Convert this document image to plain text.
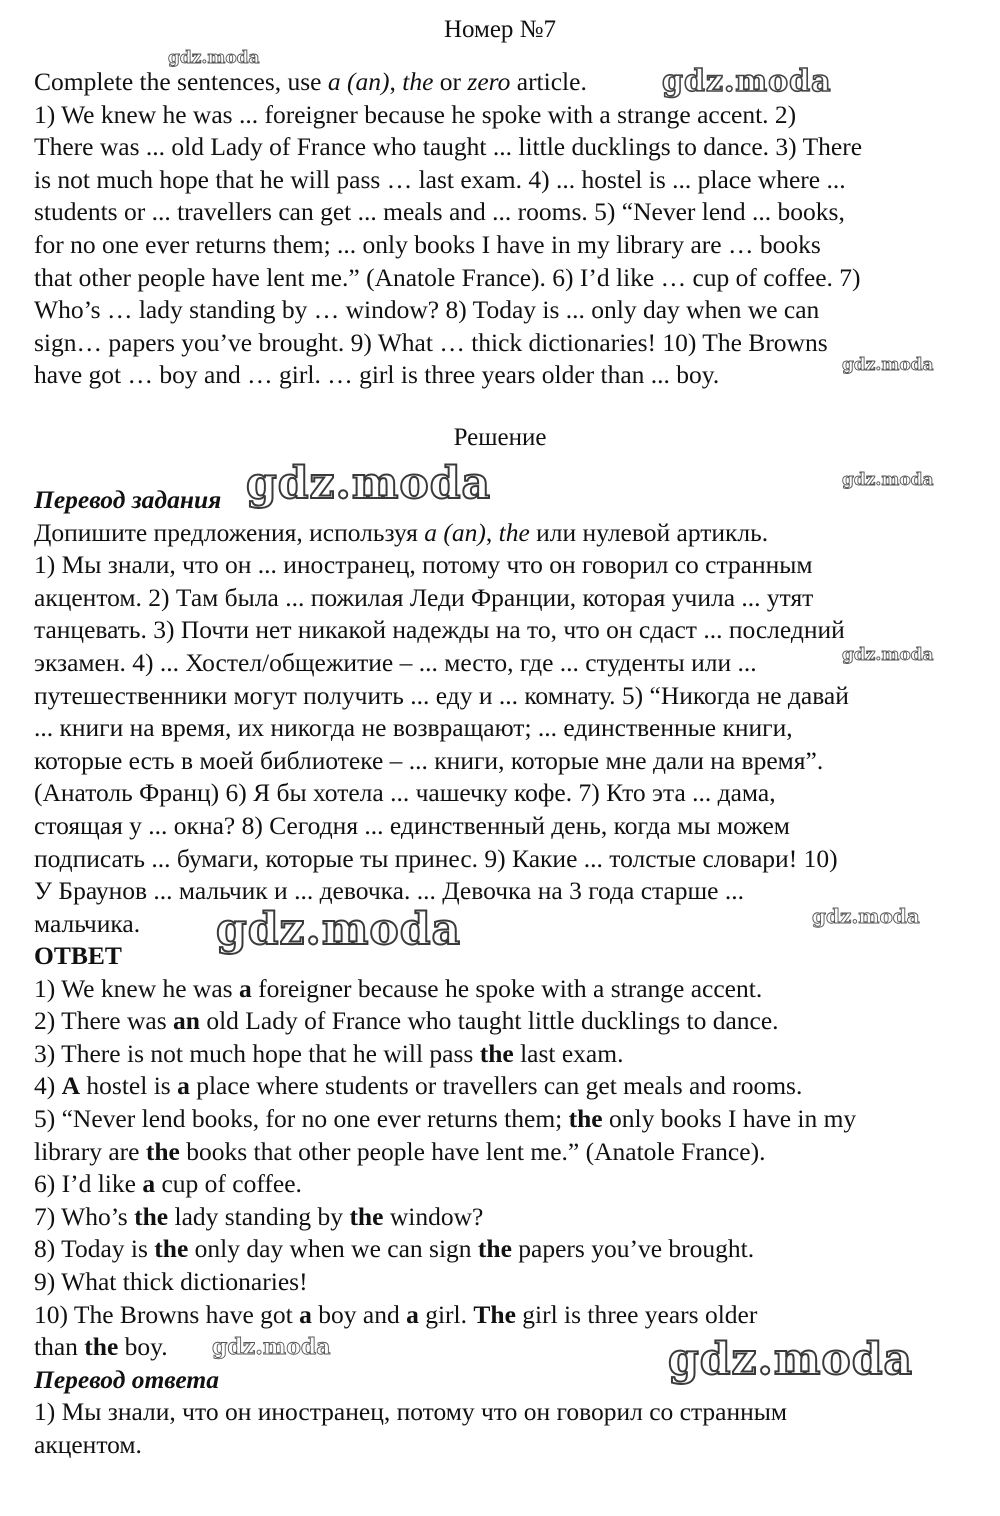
Номер №7
Complete the sentences, use a (an), the or zero article.
1) We knew he was ... foreigner because he spoke with a strange accent. 2)
There was ... old Lady of France who taught ... little ducklings to dance. 3) There
is not much hope that he will pass … last exam. 4) ... hostel is ... place where ...
students or ... travellers can get ... meals and ... rooms. 5) “Never lend ... books,
for no one ever returns them; ... only books I have in my library are … books
that other people have lent me.” (Anatole France). 6) I’d like … cup of coffee. 7)
Who’s … lady standing by … window? 8) Today is ... only day when we can
sign… papers you’ve brought. 9) What … thick dictionaries! 10) The Browns
have got … boy and … girl. … girl is three years older than ... boy.
Решение
Перевод задания
Допишите предложения, используя a (an), the или нулевой артикль.
1) Мы знали, что он ... иностранец, потому что он говорил со странным
акцентом. 2) Там была ... пожилая Леди Франции, которая учила ... утят
танцевать. 3) Почти нет никакой надежды на то, что он сдаст ... последний
экзамен. 4) ... Хостел/общежитие – ... место, где ... студенты или ...
путешественники могут получить ... еду и ... комнату. 5) “Никогда не давай
... книги на время, их никогда не возвращают; ... единственные книги,
которые есть в моей библиотеке – ... книги, которые мне дали на время”.
(Анатоль Франц) 6) Я бы хотела ... чашечку кофе. 7) Кто эта ... дама,
стоящая у ... окна? 8) Сегодня ... единственный день, когда мы можем
подписать ... бумаги, которые ты принес. 9) Какие ... толстые словари! 10)
У Браунов ... мальчик и ... девочка. ... Девочка на 3 года старше ...
мальчика.
ОТВЕТ
1) We knew he was a foreigner because he spoke with a strange accent.
2) There was an old Lady of France who taught little ducklings to dance.
3) There is not much hope that he will pass the last exam.
4) A hostel is a place where students or travellers can get meals and rooms.
5) “Never lend books, for no one ever returns them; the only books I have in my
library are the books that other people have lent me.” (Anatole France).
6) I’d like a cup of coffee.
7) Who’s the lady standing by the window?
8) Today is the only day when we can sign the papers you’ve brought.
9) What thick dictionaries!
10) The Browns have got a boy and a girl. The girl is three years older
than the boy.
Перевод ответа
1) Мы знали, что он иностранец, потому что он говорил со странным
акцентом.
gdz.moda
gdz.moda
gdz.moda
gdz.moda	gdz.moda
gdz.moda
gdz.moda	gdz.moda
gdz.moda	gdz.moda
